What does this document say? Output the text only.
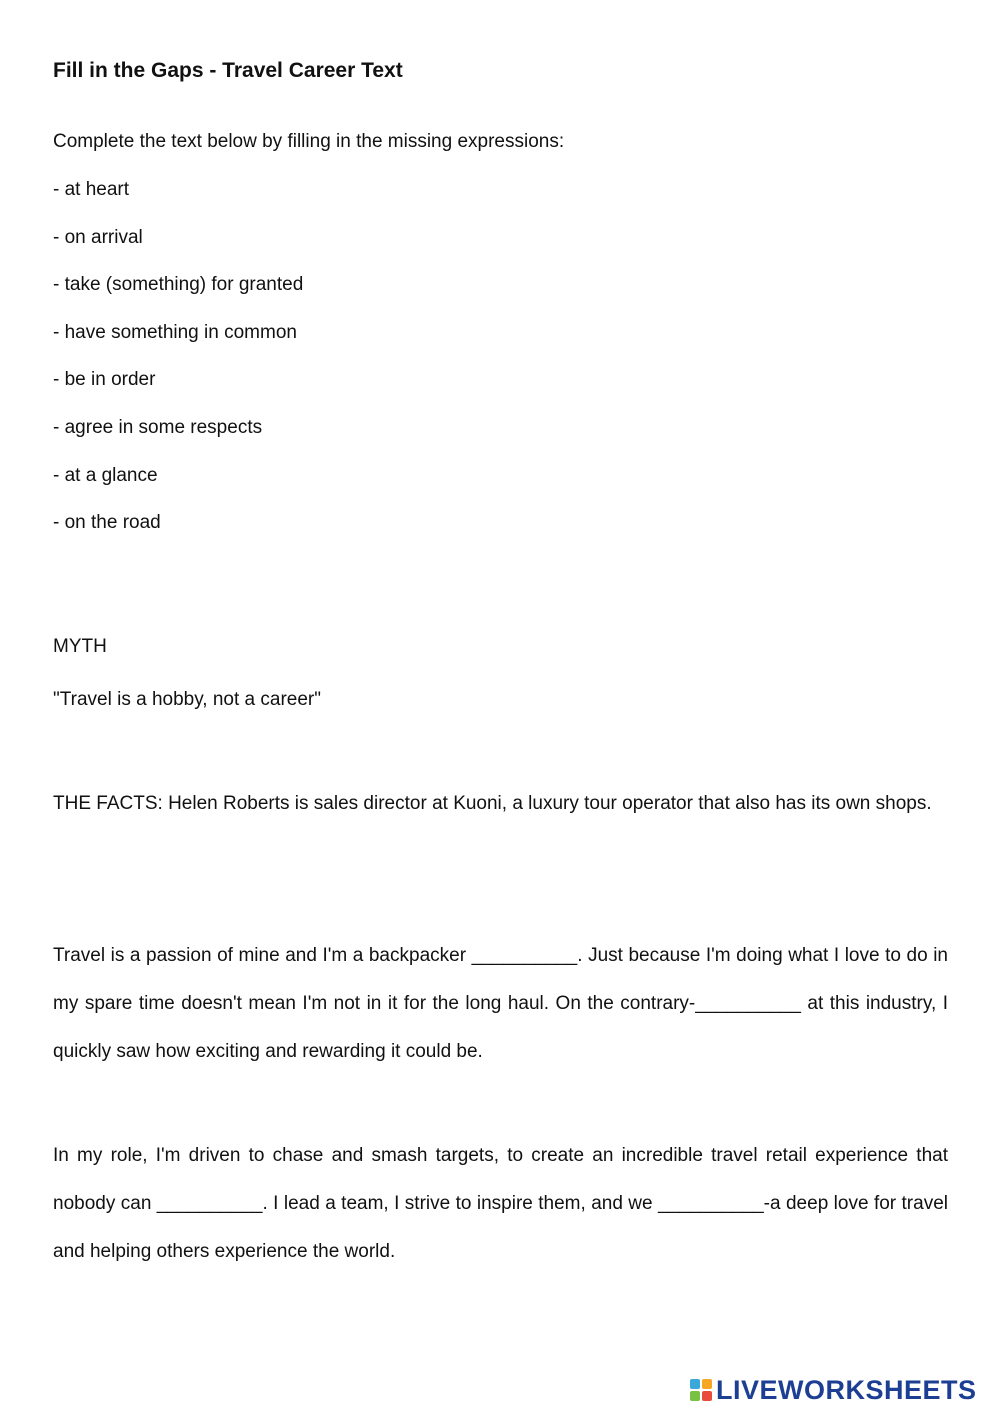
Fill in the Gaps - Travel Career Text

Complete the text below by filling in the missing expressions:

- at heart

- on arrival

- take (something) for granted

- have something in common

- be in order

- agree in some respects

- at a glance

- on the road

MYTH

"Travel is a hobby, not a career"

THE FACTS: Helen Roberts is sales director at Kuoni, a luxury tour operator that also has its own shops.

Travel is a passion of mine and I'm a backpacker __________. Just because I'm doing what I love to do in my spare time doesn't mean I'm not in it for the long haul. On the contrary-__________ at this industry, I quickly saw how exciting and rewarding it could be.

In my role, I'm driven to chase and smash targets, to create an incredible travel retail experience that nobody can __________. I lead a team, I strive to inspire them, and we __________-a deep love for travel and helping others experience the world.

LIVEWORKSHEETS
